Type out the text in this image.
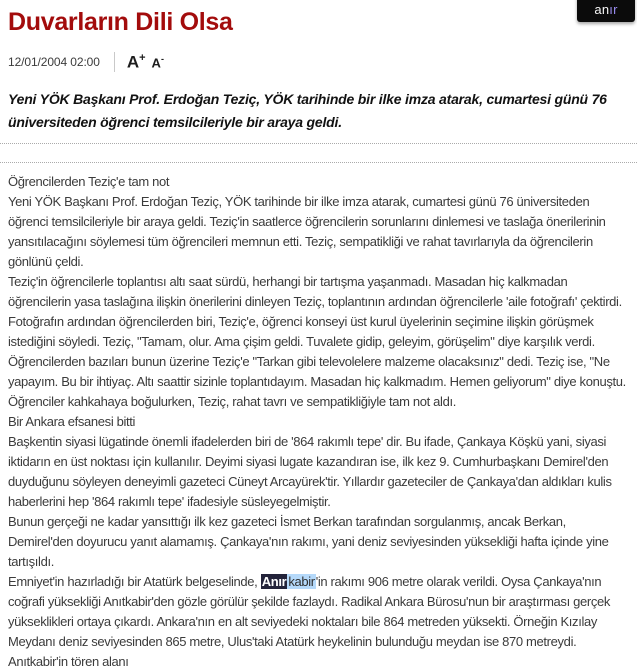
an ır
Duvarların Dili Olsa
12/01/2004 02:00 A+ A-

Yeni YÖK Başkanı Prof. Erdoğan Teziç, YÖK tarihinde bir ilke imza atarak, cumartesi günü 76 üniversiteden öğrenci temsilcileriyle bir araya geldi.

Öğrencilerden Teziç'e tam not

Yeni YÖK Başkanı Prof. Erdoğan Teziç, YÖK tarihinde bir ilke imza atarak, cumartesi günü 76 üniversiteden öğrenci temsilcileriyle bir araya geldi. Teziç'in saatlerce öğrencilerin sorunlarını dinlemesi ve taslağa önerilerinin yansıtılacağını söylemesi tüm öğrencileri memnun etti. Teziç, sempatikliği ve rahat tavırlarıyla da öğrencilerin gönlünü çeldi.

Teziç'in öğrencilerle toplantısı altı saat sürdü, herhangi bir tartışma yaşanmadı. Masadan hiç kalkmadan öğrencilerin yasa taslağına ilişkin önerilerini dinleyen Teziç, toplantının ardından öğrencilerle 'aile fotoğrafı' çektirdi. Fotoğrafın ardından öğrencilerden biri, Teziç'e, öğrenci konseyi üst kurul üyelerinin seçimine ilişkin görüşmek istediğini söyledi. Teziç, "Tamam, olur. Ama çişim geldi. Tuvalete gidip, geleyim, görüşelim" diye karşılık verdi.

Öğrencilerden bazıları bunun üzerine Teziç'e "Tarkan gibi televolelere malzeme olacaksınız" dedi. Teziç ise, "Ne yapayım. Bu bir ihtiyaç. Altı saattir sizinle toplantıdayım. Masadan hiç kalkmadım. Hemen geliyorum" diye konuştu.

Öğrenciler kahkahaya boğulurken, Teziç, rahat tavrı ve sempatikliğiyle tam not aldı.

Bir Ankara efsanesi bitti

Başkentin siyasi lügatinde önemli ifadelerden biri de '864 rakımlı tepe' dir. Bu ifade, Çankaya Köşkü yani, siyasi iktidarın en üst noktası için kullanılır. Deyimi siyasi lugate kazandıran ise, ilk kez 9. Cumhurbaşkanı Demirel'den duyduğunu söyleyen deneyimli gazeteci Cüneyt Arcayürek'tir. Yıllardır gazeteciler de Çankaya'dan aldıkları kulis haberlerini hep '864 rakımlı tepe' ifadesiyle süsleyegelmiştir.

Bunun gerçeği ne kadar yansıttığı ilk kez gazeteci İsmet Berkan tarafından sorgulanmış, ancak Berkan, Demirel'den doyurucu yanıt alamamış. Çankaya'nın rakımı, yani deniz seviyesinden yüksekliği hafta içinde yine tartışıldı.

Emniyet'in hazırladığı bir Atatürk belgeselinde, Anır kabir'in rakımı 906 metre olarak verildi. Oysa Çankaya'nın coğrafi yüksekliği Anıtkabir'den gözle görülür şekilde fazlaydı. Radikal Ankara Bürosu'nun bir araştırması gerçek yükseklikleri ortaya çıkardı. Ankara'nın en alt seviyedeki noktaları bile 864 metreden yüksekti. Örneğin Kızılay Meydanı deniz seviyesinden 865 metre, Ulus'taki Atatürk heykelinin bulunduğu meydan ise 870 metreydi. Anıtkabir'in tören alanı
